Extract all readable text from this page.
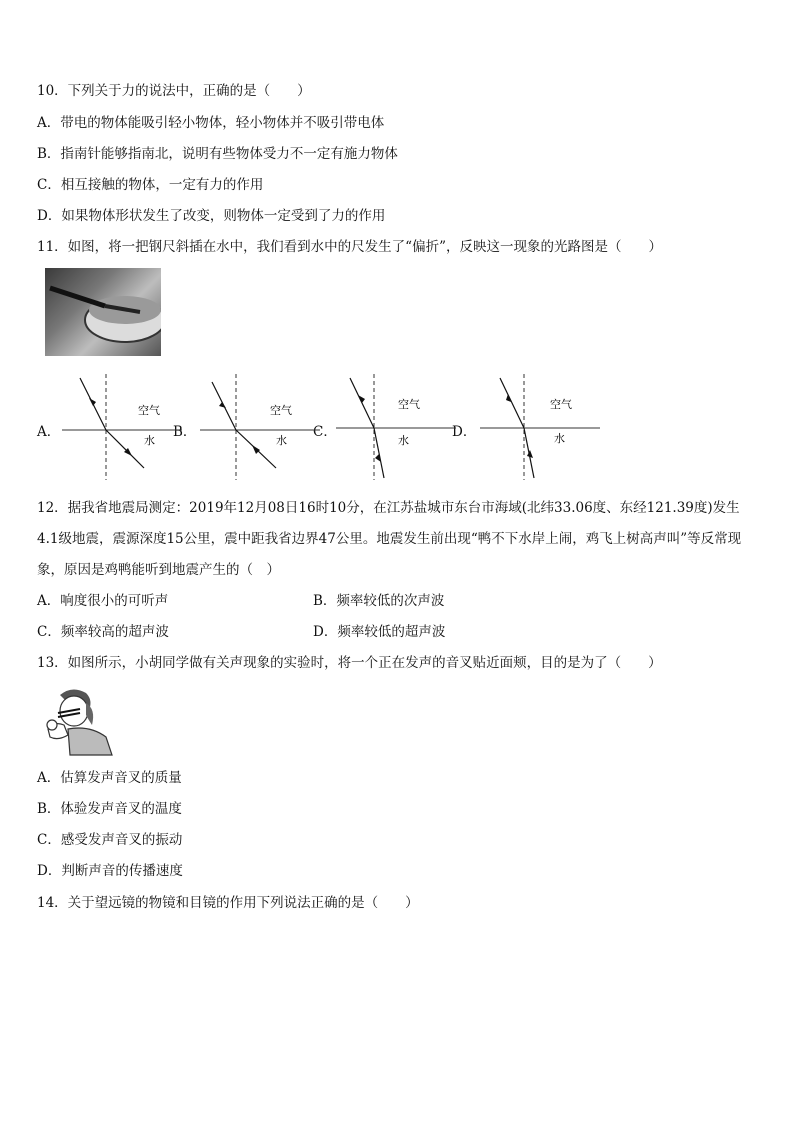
10．下列关于力的说法中，正确的是（　　）
A．带电的物体能吸引轻小物体，轻小物体并不吸引带电体
B．指南针能够指南北，说明有些物体受力不一定有施力物体
C．相互接触的物体，一定有力的作用
D．如果物体形状发生了改变，则物体一定受到了力的作用
11．如图，将一把钢尺斜插在水中，我们看到水中的尺发生了“偏折”，反映这一现象的光路图是（　　）
A．	B．	C．	D．
空气
水
空气
水
空气
水
空气
水
12．据我省地震局测定：2019年12月08日16时10分，在江苏盐城市东台市海域(北纬33.06度、东经121.39度)发生4.1级地震，震源深度15公里，震中距我省边界47公里。地震发生前出现“鸭不下水岸上闹，鸡飞上树高声叫”等反常现象，原因是鸡鸭能听到地震产生的（　）
A．响度很小的可听声	B．频率较低的次声波
C．频率较高的超声波	D．频率较低的超声波
13．如图所示，小胡同学做有关声现象的实验时，将一个正在发声的音叉贴近面颊，目的是为了（　　）
A．估算发声音叉的质量
B．体验发声音叉的温度
C．感受发声音叉的振动
D．判断声音的传播速度
14．关于望远镜的物镜和目镜的作用下列说法正确的是（　　）
